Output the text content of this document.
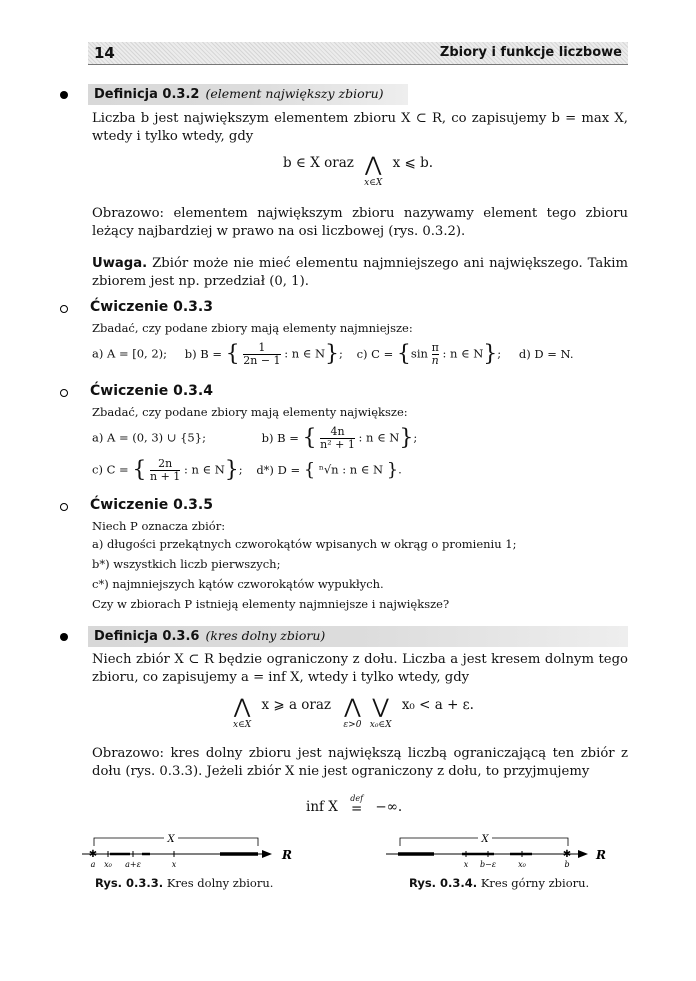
14	Zbiory i funkcje liczbowe
Definicja 0.3.2 (element największy zbioru)
Liczba b jest największym elementem zbioru X ⊂ R, co zapisujemy b = max X, wtedy i tylko wtedy, gdy
b ∈ X oraz ⋀
x∈X x ⩽ b.
Obrazowo: elementem największym zbioru nazywamy element tego zbioru leżący najbardziej w prawo na osi liczbowej (rys. 0.3.2).
Uwaga. Zbiór może nie mieć elementu najmniejszego ani największego. Takim zbiorem jest np. przedział (0, 1).
Ćwiczenie 0.3.3
Zbadać, czy podane zbiory mają elementy najmniejsze:
a) A = [0, 2); b) B = { $\frac{1}{2n - 1}$ : n ∈ N}; c) $C = \{\sin \frac{\pi}{n}$ : n ∈ N}; d) D = N.
Ćwiczenie 0.3.4
Zbadać, czy podane zbiory mają elementy największe:
a) A = (0, 3) ∪ {5};	b) B = { $\frac{4n}{\text{n² + 1}}$ : n ∈ N};
c) C = { $\frac{2n}{n + 1}$ : n ∈ N}; d*) D = { ⁿ√n : n ∈ N }.
Ćwiczenie 0.3.5
Niech P oznacza zbiór:
a) długości przekątnych czworokątów wpisanych w okrąg o promieniu 1;
b*) wszystkich liczb pierwszych;
c*) najmniejszych kątów czworokątów wypukłych.
Czy w zbiorach P istnieją elementy najmniejsze i największe?
Definicja 0.3.6 (kres dolny zbioru)
Niech zbiór X ⊂ R będzie ograniczony z dołu. Liczba a jest kresem dolnym tego zbioru, co zapisujemy a = inf X, wtedy i tylko wtedy, gdy
⋀
x∈X x ⩾ a oraz ⋀
ε>0
⋁
x₀∈X x₀ < a + ε.
Obrazowo: kres dolny zbioru jest największą liczbą ograniczającą ten zbiór z dołu (rys. 0.3.3). Jeżeli zbiór X nie jest ograniczony z dołu, to przyjmujemy
inf X
def
= −∞.
X
✱
a x₀ a+ε	x
R
Rys. 0.3.3. Kres dolny zbioru.
X
✱
x b−ε	x₀	b
R
Rys. 0.3.4. Kres górny zbioru.
